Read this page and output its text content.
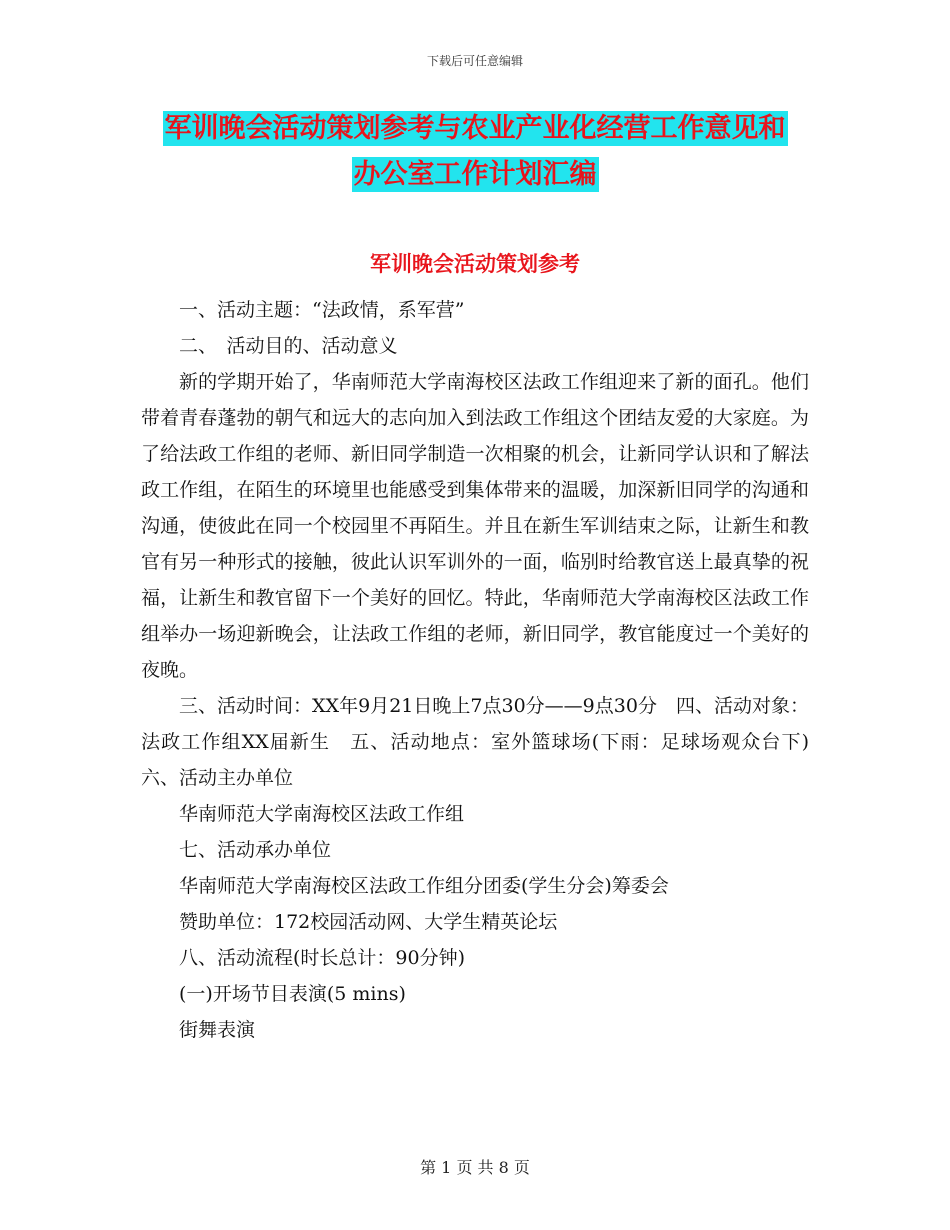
下载后可任意编辑
军训晚会活动策划参考与农业产业化经营工作意见和
办公室工作计划汇编
军训晚会活动策划参考

一、活动主题：“法政情，系军营”

二、　活动目的、活动意义

新的学期开始了，华南师范大学南海校区法政工作组迎来了新的面孔。他们带着青春蓬勃的朝气和远大的志向加入到法政工作组这个团结友爱的大家庭。为了给法政工作组的老师、新旧同学制造一次相聚的机会，让新同学认识和了解法政工作组，在陌生的环境里也能感受到集体带来的温暖，加深新旧同学的沟通和沟通，使彼此在同一个校园里不再陌生。并且在新生军训结束之际，让新生和教官有另一种形式的接触，彼此认识军训外的一面，临别时给教官送上最真挚的祝福，让新生和教官留下一个美好的回忆。特此，华南师范大学南海校区法政工作组举办一场迎新晚会，让法政工作组的老师，新旧同学，教官能度过一个美好的夜晚。

三、活动时间：XX年9月21日晚上7点30分——9点30分　四、活动对象：法政工作组XX届新生　五、活动地点：室外篮球场(下雨：足球场观众台下)　六、活动主办单位

华南师范大学南海校区法政工作组

七、活动承办单位

华南师范大学南海校区法政工作组分团委(学生分会)筹委会

赞助单位：172校园活动网、大学生精英论坛

八、活动流程(时长总计：90分钟)

(一)开场节目表演(5 mins)

街舞表演

第 1 页 共 8 页
